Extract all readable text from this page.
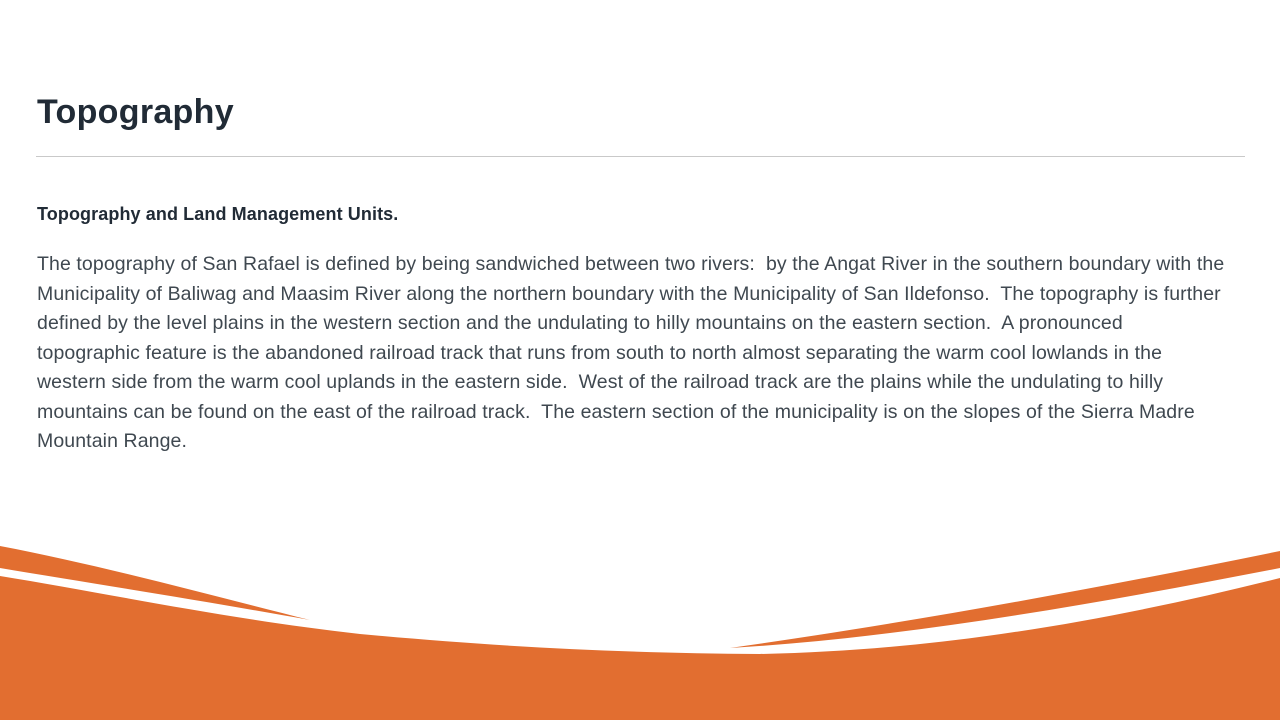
Topography
Topography and Land Management Units.

The topography of San Rafael is defined by being sandwiched between two rivers:  by the Angat River in the southern boundary with the Municipality of Baliwag and Maasim River along the northern boundary with the Municipality of San Ildefonso.  The topography is further defined by the level plains in the western section and the undulating to hilly mountains on the eastern section.  A pronounced topographic feature is the abandoned railroad track that runs from south to north almost separating the warm cool lowlands in the western side from the warm cool uplands in the eastern side.  West of the railroad track are the plains while the undulating to hilly mountains can be found on the east of the railroad track.  The eastern section of the municipality is on the slopes of the Sierra Madre Mountain Range.
